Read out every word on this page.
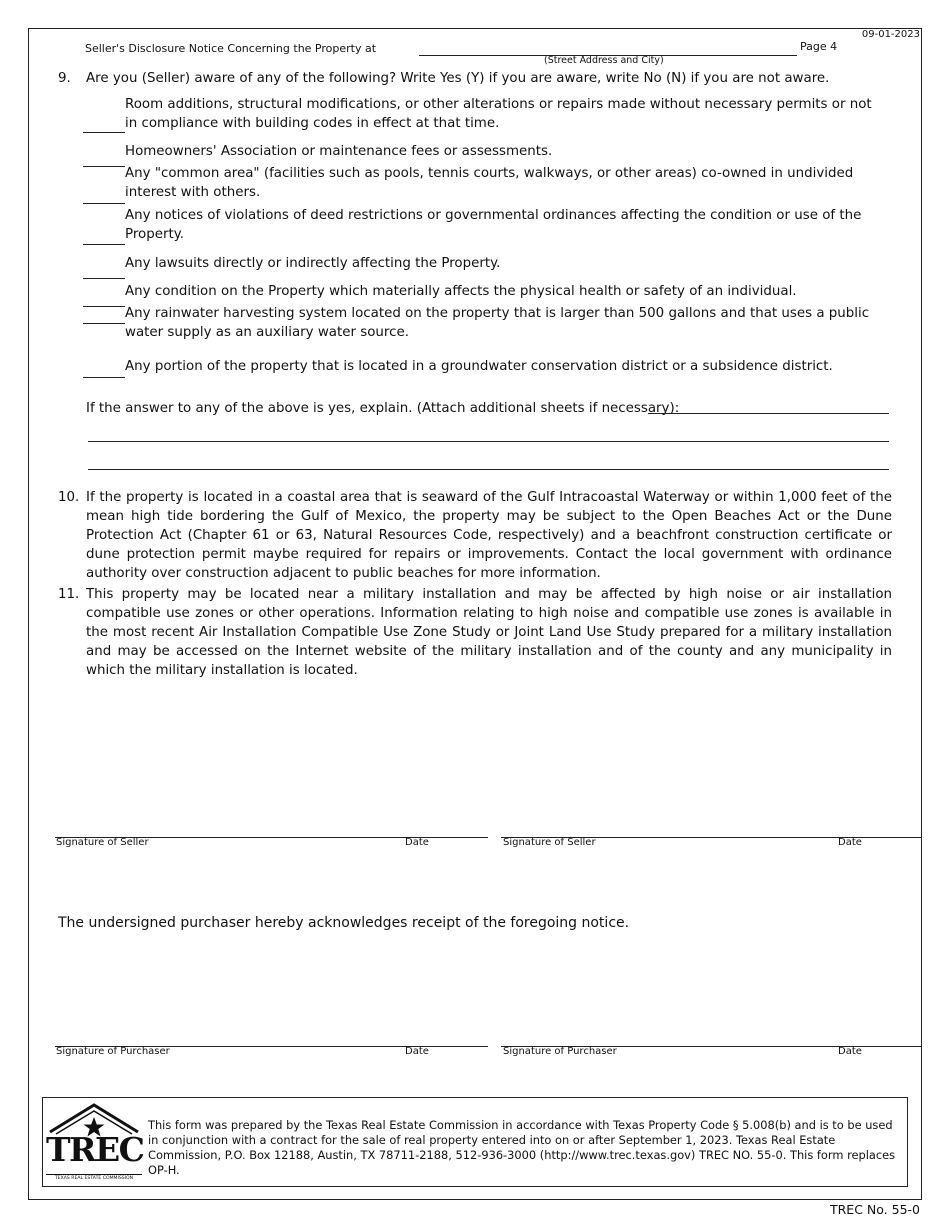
09-01-2023
Seller's Disclosure Notice Concerning the Property at
(Street Address and City)
Page 4
9. Are you (Seller) aware of any of the following? Write Yes (Y) if you are aware, write No (N) if you are not aware.
Room additions, structural modifications, or other alterations or repairs made without necessary permits or not in compliance with building codes in effect at that time.
Homeowners' Association or maintenance fees or assessments.
Any "common area" (facilities such as pools, tennis courts, walkways, or other areas) co-owned in undivided interest with others.
Any notices of violations of deed restrictions or governmental ordinances affecting the condition or use of the Property.
Any lawsuits directly or indirectly affecting the Property.
Any condition on the Property which materially affects the physical health or safety of an individual.
Any rainwater harvesting system located on the property that is larger than 500 gallons and that uses a public water supply as an auxiliary water source.
Any portion of the property that is located in a groundwater conservation district or a subsidence district.
If the answer to any of the above is yes, explain. (Attach additional sheets if necessary):
10. If the property is located in a coastal area that is seaward of the Gulf Intracoastal Waterway or within 1,000 feet of the mean high tide bordering the Gulf of Mexico, the property may be subject to the Open Beaches Act or the Dune Protection Act (Chapter 61 or 63, Natural Resources Code, respectively) and a beachfront construction certificate or dune protection permit maybe required for repairs or improvements. Contact the local government with ordinance authority over construction adjacent to public beaches for more information.
11. This property may be located near a military installation and may be affected by high noise or air installation compatible use zones or other operations. Information relating to high noise and compatible use zones is available in the most recent Air Installation Compatible Use Zone Study or Joint Land Use Study prepared for a military installation and may be accessed on the Internet website of the military installation and of the county and any municipality in which the military installation is located.
Signature of Seller	Date	Signature of Seller	Date
The undersigned purchaser hereby acknowledges receipt of the foregoing notice.
Signature of Purchaser	Date	Signature of Purchaser	Date
TREC
TEXAS REAL ESTATE COMMISSION
This form was prepared by the Texas Real Estate Commission in accordance with Texas Property Code § 5.008(b) and is to be used in conjunction with a contract for the sale of real property entered into on or after September 1, 2023. Texas Real Estate Commission, P.O. Box 12188, Austin, TX 78711-2188, 512-936-3000 (http://www.trec.texas.gov) TREC NO. 55-0. This form replaces OP-H.
TREC No. 55-0
